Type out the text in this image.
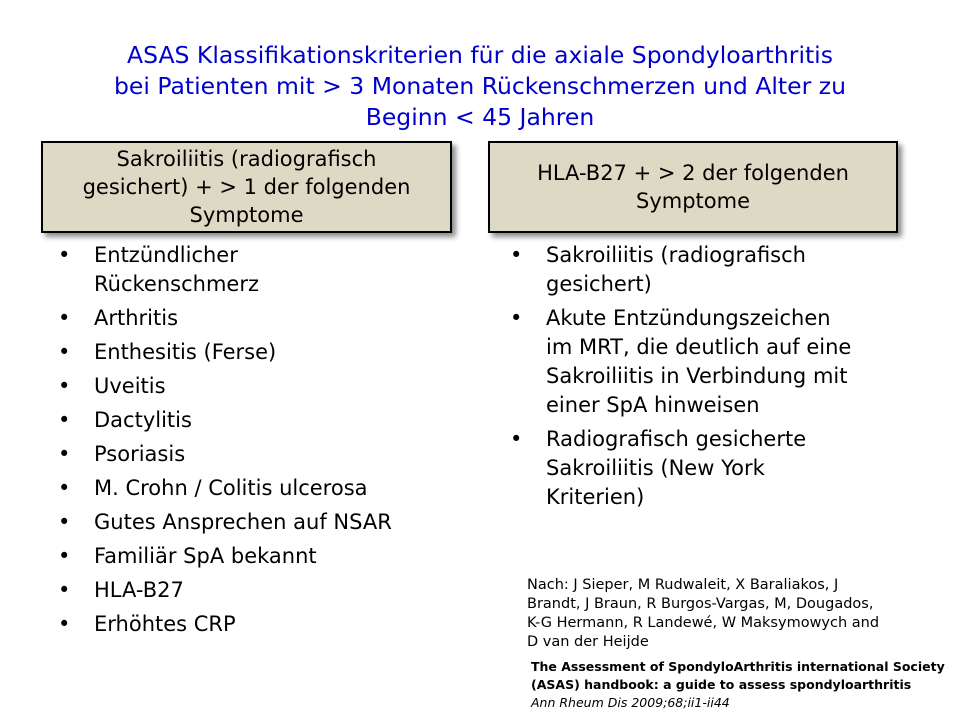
ASAS Klassifikationskriterien für die axiale Spondyloarthritis
bei Patienten mit > 3 Monaten Rückenschmerzen und Alter zu
Beginn < 45 Jahren
Sakroiliitis (radiografisch
gesichert) + > 1 der folgenden
Symptome
HLA-B27 + > 2 der folgenden
Symptome
• Entzündlicher
Rückenschmerz
• Arthritis
• Enthesitis (Ferse)
• Uveitis
• Dactylitis
• Psoriasis
• M. Crohn / Colitis ulcerosa
• Gutes Ansprechen auf NSAR
• Familiär SpA bekannt
• HLA-B27
• Erhöhtes CRP
• Sakroiliitis (radiografisch
gesichert)
• Akute Entzündungszeichen
im MRT, die deutlich auf eine
Sakroiliitis in Verbindung mit
einer SpA hinweisen
• Radiografisch gesicherte
Sakroiliitis (New York
Kriterien)
Nach: J Sieper, M Rudwaleit, X Baraliakos, J
Brandt, J Braun, R Burgos-Vargas, M, Dougados,
K-G Hermann, R Landewé, W Maksymowych and
D van der Heijde
The Assessment of SpondyloArthritis international Society
(ASAS) handbook: a guide to assess spondyloarthritis
Ann Rheum Dis 2009;68;ii1-ii44
